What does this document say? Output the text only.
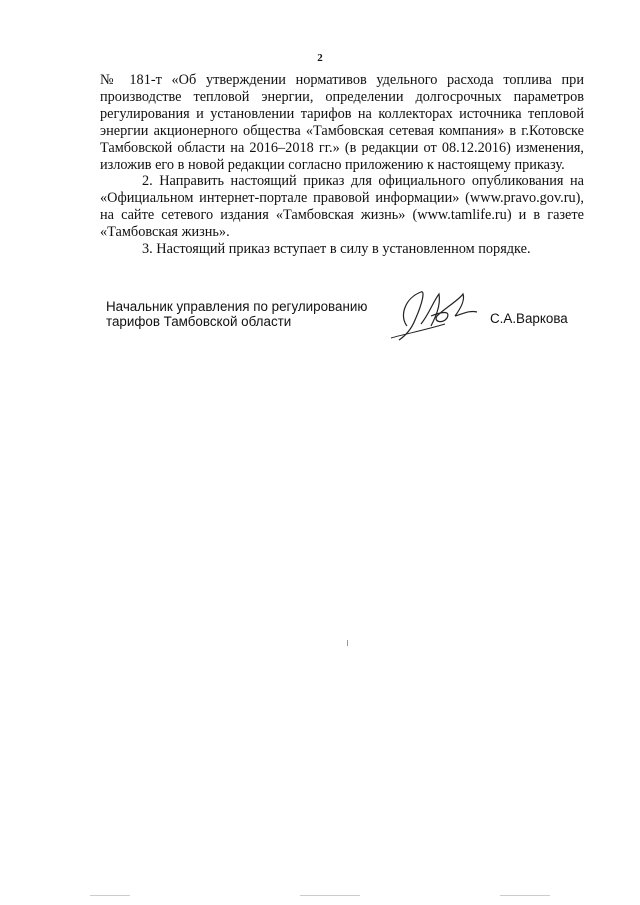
2

№ 181-т «Об утверждении нормативов удельного расхода топлива при производстве тепловой энергии, определении долгосрочных параметров регулирования и установлении тарифов на коллекторах источника тепловой энергии акционерного общества «Тамбовская сетевая компания» в г.Котовске Тамбовской области на 2016–2018 гг.» (в редакции от 08.12.2016) изменения, изложив его в новой редакции согласно приложению к настоящему приказу.

2. Направить настоящий приказ для официального опубликования на «Официальном интернет-портале правовой информации» (www.pravo.gov.ru), на сайте сетевого издания «Тамбовская жизнь» (www.tamlife.ru) и в газете «Тамбовская жизнь».

3. Настоящий приказ вступает в силу в установленном порядке.

Начальник управления по регулированию
тарифов Тамбовской области	С.А.Варкова
